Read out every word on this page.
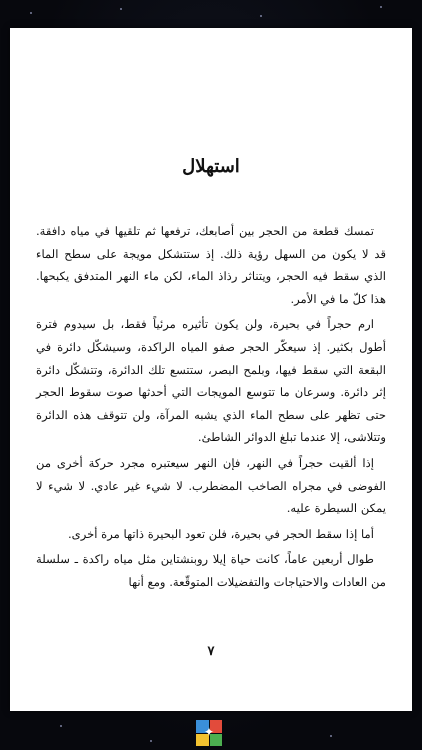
استهلال

تمسك قطعة من الحجر بين أصابعك، ترفعها ثم تلقيها في مياه دافقة. قد لا يكون من السهل رؤية ذلك. إذ ستتشكل مويجة على سطح الماء الذي سقط فيه الحجر، ويتناثر رذاذ الماء، لكن ماء النهر المتدفق يكبحها. هذا كلّ ما في الأمر.

ارم حجراً في بحيرة، ولن يكون تأثيره مرئياً فقط، بل سيدوم فترة أطول بكثير. إذ سيعكّر الحجر صفو المياه الراكدة، وسيشكّل دائرة في البقعة التي سقط فيها، وبلمح البصر، ستتسع تلك الدائرة، وتتشكّل دائرة إثر دائرة. وسرعان ما تتوسع المويجات التي أحدثها صوت سقوط الحجر حتى تظهر على سطح الماء الذي يشبه المرآة، ولن تتوقف هذه الدائرة وتتلاشى، إلا عندما تبلغ الدوائر الشاطئ.

إذا ألقيت حجراً في النهر، فإن النهر سيعتبره مجرد حركة أخرى من الفوضى في مجراه الصاخب المضطرب. لا شيء غير عادي. لا شيء لا يمكن السيطرة عليه.

أما إذا سقط الحجر في بحيرة، فلن تعود البحيرة ذاتها مرة أخرى.

طوال أربعين عاماً، كانت حياة إيلا روبنشتاين مثل مياه راكدة ـ سلسلة من العادات والاحتياجات والتفضيلات المتوقّعة. ومع أنها

٧
✦
